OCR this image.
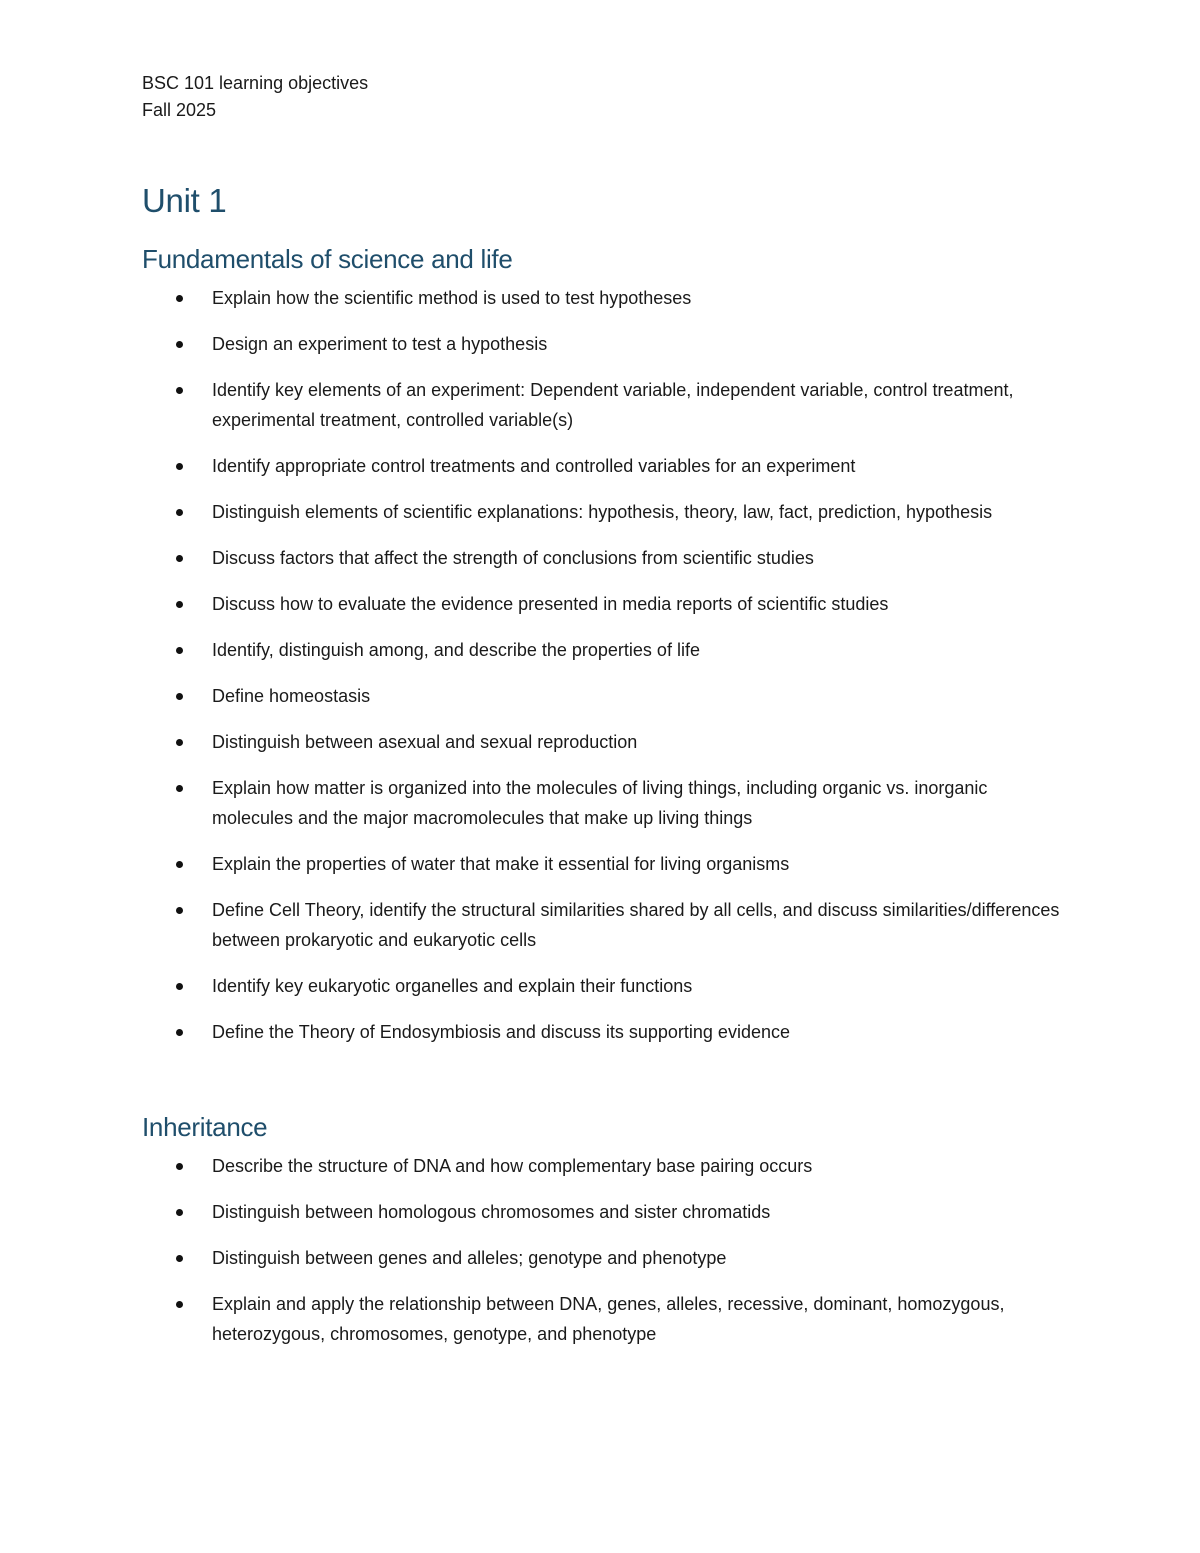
BSC 101 learning objectives

Fall 2025

Unit 1
Fundamentals of science and life
Explain how the scientific method is used to test hypotheses
Design an experiment to test a hypothesis
Identify key elements of an experiment: Dependent variable, independent variable, control treatment, experimental treatment, controlled variable(s)
Identify appropriate control treatments and controlled variables for an experiment
Distinguish elements of scientific explanations: hypothesis, theory, law, fact, prediction, hypothesis
Discuss factors that affect the strength of conclusions from scientific studies
Discuss how to evaluate the evidence presented in media reports of scientific studies
Identify, distinguish among, and describe the properties of life
Define homeostasis
Distinguish between asexual and sexual reproduction
Explain how matter is organized into the molecules of living things, including organic vs. inorganic molecules and the major macromolecules that make up living things
Explain the properties of water that make it essential for living organisms
Define Cell Theory, identify the structural similarities shared by all cells, and discuss similarities/differences between prokaryotic and eukaryotic cells
Identify key eukaryotic organelles and explain their functions
Define the Theory of Endosymbiosis and discuss its supporting evidence
Inheritance
Describe the structure of DNA and how complementary base pairing occurs
Distinguish between homologous chromosomes and sister chromatids
Distinguish between genes and alleles; genotype and phenotype
Explain and apply the relationship between DNA, genes, alleles, recessive, dominant, homozygous, heterozygous, chromosomes, genotype, and phenotype
